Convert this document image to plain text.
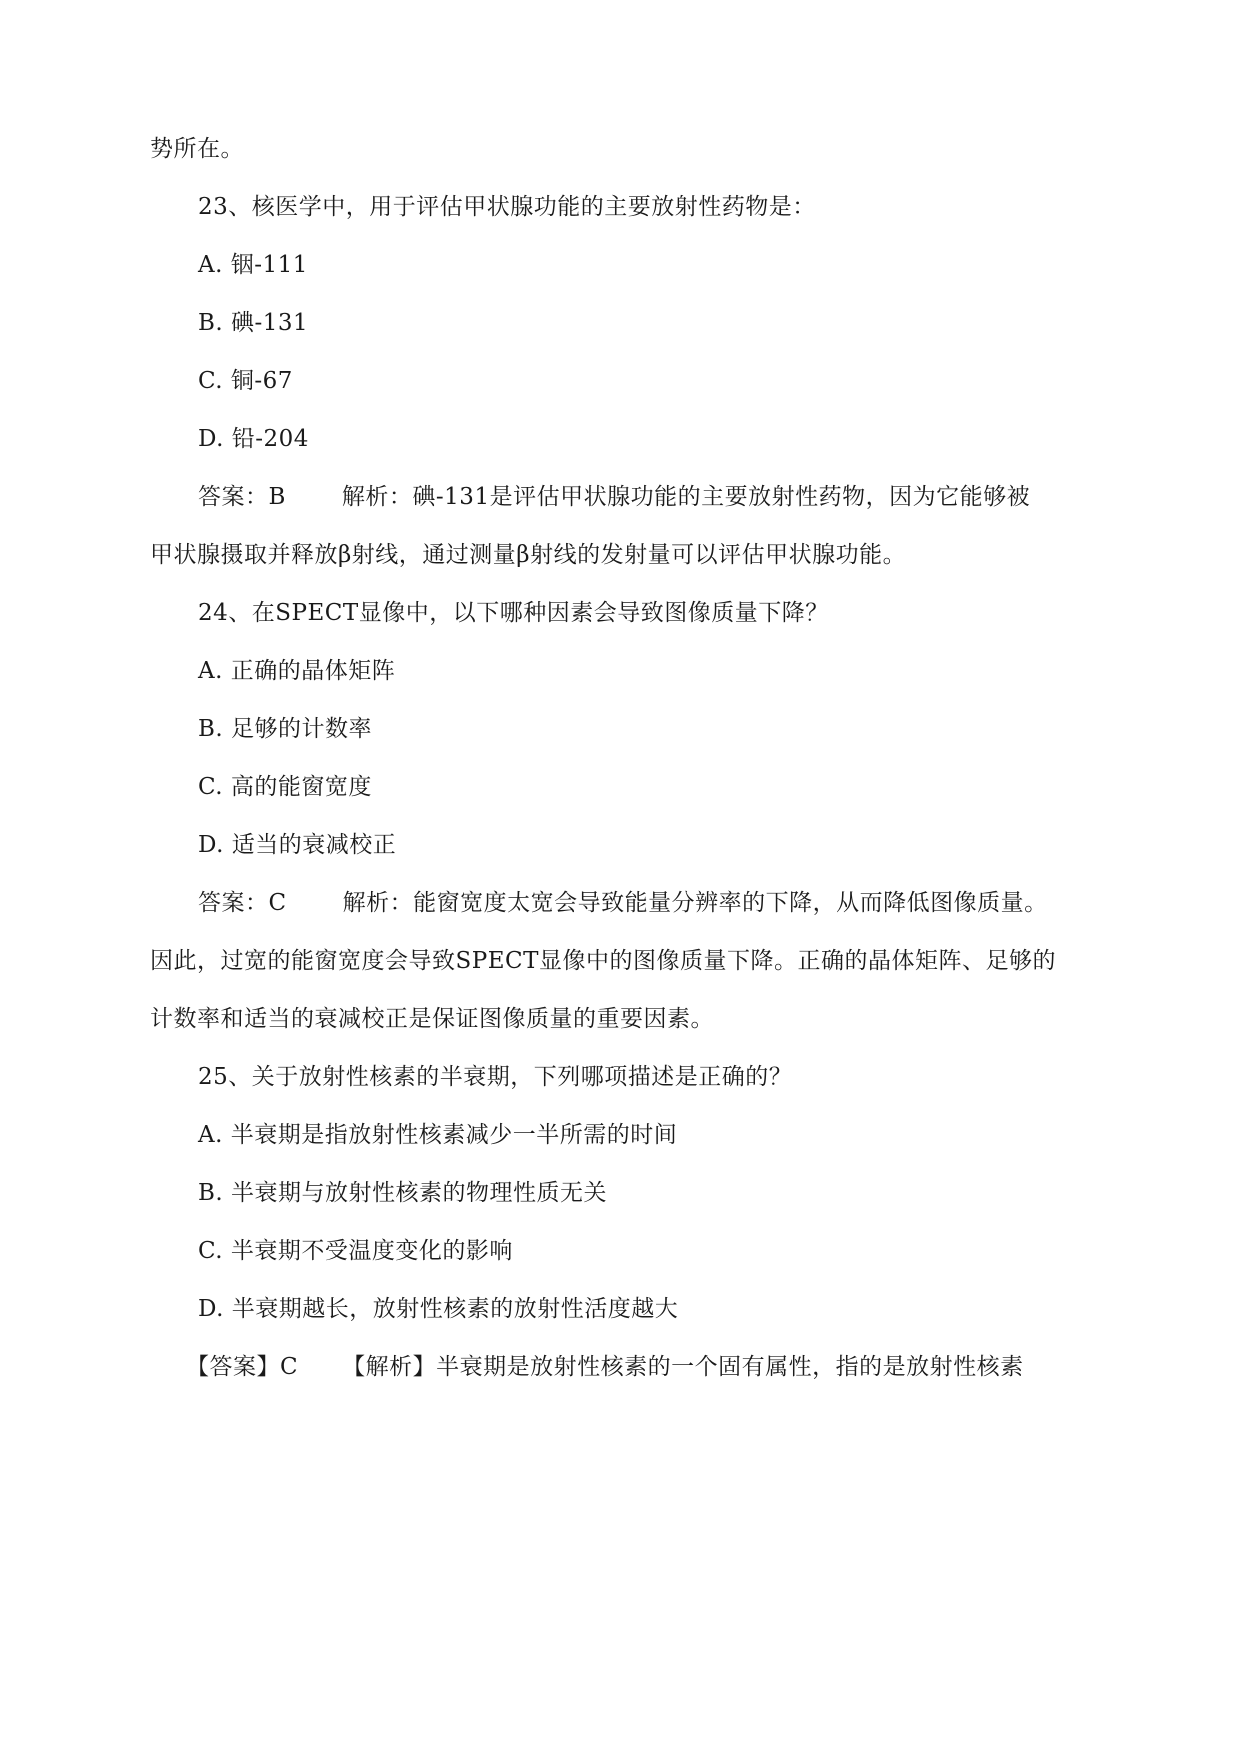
势所在。
23、核医学中，用于评估甲状腺功能的主要放射性药物是：
A. 铟-111
B. 碘-131
C. 铜-67
D. 铅-204
答案：B 解析：碘-131是评估甲状腺功能的主要放射性药物，因为它能够被
甲状腺摄取并释放β射线，通过测量β射线的发射量可以评估甲状腺功能。
24、在SPECT显像中，以下哪种因素会导致图像质量下降？
A. 正确的晶体矩阵
B. 足够的计数率
C. 高的能窗宽度
D. 适当的衰减校正
答案：C 解析：能窗宽度太宽会导致能量分辨率的下降，从而降低图像质量。
因此，过宽的能窗宽度会导致SPECT显像中的图像质量下降。正确的晶体矩阵、足够的
计数率和适当的衰减校正是保证图像质量的重要因素。
25、关于放射性核素的半衰期，下列哪项描述是正确的？
A. 半衰期是指放射性核素减少一半所需的时间
B. 半衰期与放射性核素的物理性质无关
C. 半衰期不受温度变化的影响
D. 半衰期越长，放射性核素的放射性活度越大
【答案】C 【解析】半衰期是放射性核素的一个固有属性，指的是放射性核素
